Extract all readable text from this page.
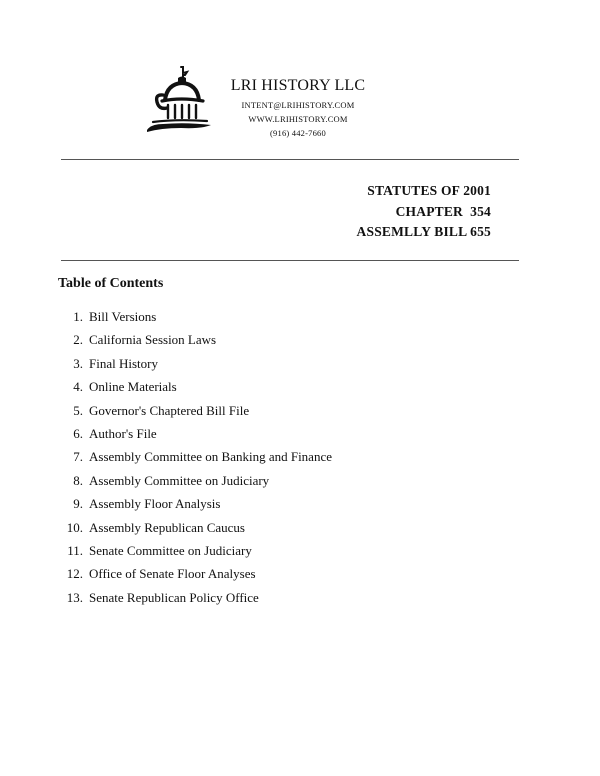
LRI HISTORY LLC
INTENT@LRIHISTORY.COM
WWW.LRIHISTORY.COM
(916) 442-7660
STATUTES OF 2001
CHAPTER  354
ASSEMLLY BILL 655
Table of Contents
1. Bill Versions
2. California Session Laws
3. Final History
4. Online Materials
5. Governor's Chaptered Bill File
6. Author's File
7. Assembly Committee on Banking and Finance
8. Assembly Committee on Judiciary
9. Assembly Floor Analysis
10. Assembly Republican Caucus
11. Senate Committee on Judiciary
12. Office of Senate Floor Analyses
13. Senate Republican Policy Office
